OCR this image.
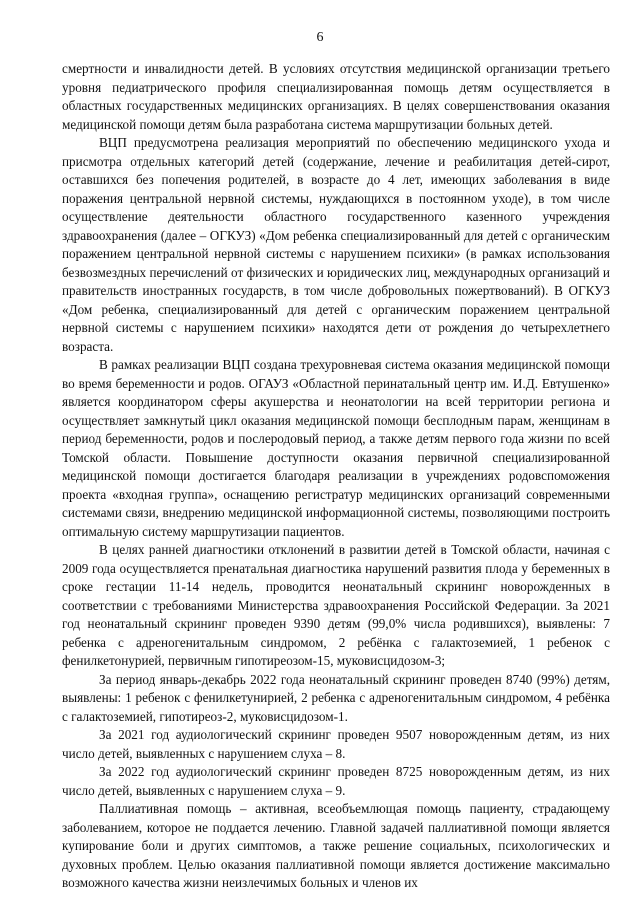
6

смертности и инвалидности детей. В условиях отсутствия медицинской организации третьего уровня педиатрического профиля специализированная помощь детям осуществляется в областных государственных медицинских организациях. В целях совершенствования оказания медицинской помощи детям была разработана система маршрутизации больных детей.

ВЦП предусмотрена реализация мероприятий по обеспечению медицинского ухода и присмотра отдельных категорий детей (содержание, лечение и реабилитация детей-сирот, оставшихся без попечения родителей, в возрасте до 4 лет, имеющих заболевания в виде поражения центральной нервной системы, нуждающихся в постоянном уходе), в том числе осуществление деятельности областного государственного казенного учреждения здравоохранения (далее – ОГКУЗ) «Дом ребенка специализированный для детей с органическим поражением центральной нервной системы с нарушением психики» (в рамках использования безвозмездных перечислений от физических и юридических лиц, международных организаций и правительств иностранных государств, в том числе добровольных пожертвований). В ОГКУЗ «Дом ребенка, специализированный для детей с органическим поражением центральной нервной системы с нарушением психики» находятся дети от рождения до четырехлетнего возраста.

В рамках реализации ВЦП создана трехуровневая система оказания медицинской помощи во время беременности и родов. ОГАУЗ «Областной перинатальный центр им. И.Д. Евтушенко» является координатором сферы акушерства и неонатологии на всей территории региона и осуществляет замкнутый цикл оказания медицинской помощи бесплодным парам, женщинам в период беременности, родов и послеродовый период, а также детям первого года жизни по всей Томской области. Повышение доступности оказания первичной специализированной медицинской помощи достигается благодаря реализации в учреждениях родовспоможения проекта «входная группа», оснащению регистратур медицинских организаций современными системами связи, внедрению медицинской информационной системы, позволяющими построить оптимальную систему маршрутизации пациентов.

В целях ранней диагностики отклонений в развитии детей в Томской области, начиная с 2009 года осуществляется пренатальная диагностика нарушений развития плода у беременных в сроке гестации 11-14 недель, проводится неонатальный скрининг новорожденных в соответствии с требованиями Министерства здравоохранения Российской Федерации. За 2021 год неонатальный скрининг проведен 9390 детям (99,0% числа родившихся), выявлены: 7 ребенка с адреногенитальным синдромом, 2 ребёнка с галактоземией, 1 ребенок с фенилкетонурией, первичным гипотиреозом-15, муковисцидозом-3;

За период январь-декабрь 2022 года неонатальный скрининг проведен 8740 (99%) детям, выявлены: 1 ребенок с фенилкетунирией, 2 ребенка с адреногенитальным синдромом, 4 ребёнка с галактоземией, гипотиреоз-2, муковисцидозом-1.

За 2021 год аудиологический скрининг проведен 9507 новорожденным детям, из них число детей, выявленных с нарушением слуха – 8.

За 2022 год аудиологический скрининг проведен 8725 новорожденным детям, из них число детей, выявленных с нарушением слуха – 9.

Паллиативная помощь – активная, всеобъемлющая помощь пациенту, страдающему заболеванием, которое не поддается лечению. Главной задачей паллиативной помощи является купирование боли и других симптомов, а также решение социальных, психологических и духовных проблем. Целью оказания паллиативной помощи является достижение максимально возможного качества жизни неизлечимых больных и членов их
